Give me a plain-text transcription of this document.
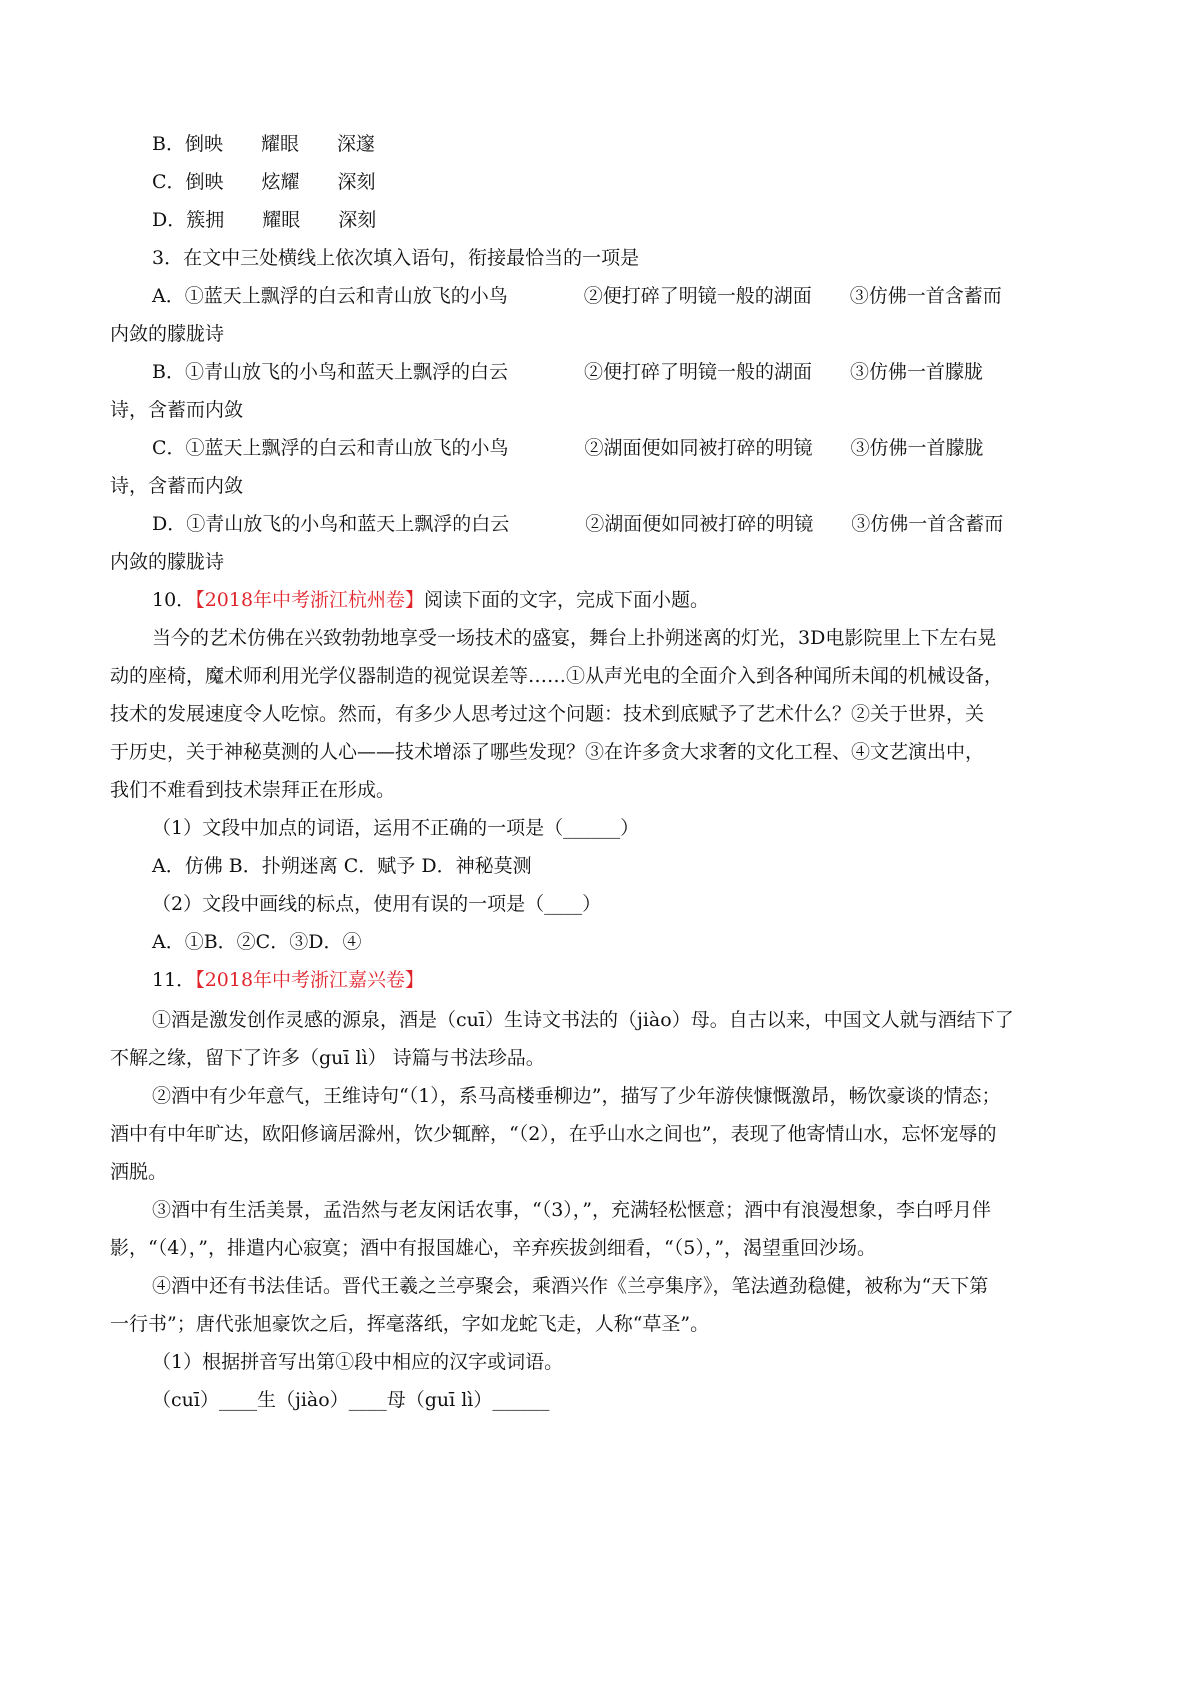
B．倒映　　耀眼　　深邃

C．倒映　　炫耀　　深刻

D．簇拥　　耀眼　　深刻

3．在文中三处横线上依次填入语句，衔接最恰当的一项是

A．①蓝天上飘浮的白云和青山放飞的小鸟　　　　②便打碎了明镜一般的湖面　　③仿佛一首含蓄而

内敛的朦胧诗

B．①青山放飞的小鸟和蓝天上飘浮的白云　　　　②便打碎了明镜一般的湖面　　③仿佛一首朦胧

诗，含蓄而内敛

C．①蓝天上飘浮的白云和青山放飞的小鸟　　　　②湖面便如同被打碎的明镜　　③仿佛一首朦胧

诗，含蓄而内敛

D．①青山放飞的小鸟和蓝天上飘浮的白云　　　　②湖面便如同被打碎的明镜　　③仿佛一首含蓄而

内敛的朦胧诗

10．【2018年中考浙江杭州卷】阅读下面的文字，完成下面小题。

当今的艺术仿佛在兴致勃勃地享受一场技术的盛宴，舞台上扑朔迷离的灯光，3D电影院里上下左右晃

动的座椅，魔术师利用光学仪器制造的视觉误差等……①从声光电的全面介入到各种闻所未闻的机械设备，

技术的发展速度令人吃惊。然而，有多少人思考过这个问题：技术到底赋予了艺术什么？②关于世界，关

于历史，关于神秘莫测的人心——技术增添了哪些发现？③在许多贪大求奢的文化工程、④文艺演出中，

我们不难看到技术崇拜正在形成。

（1）文段中加点的词语，运用不正确的一项是（______）

A．仿佛 B．扑朔迷离 C．赋予 D．神秘莫测

（2）文段中画线的标点，使用有误的一项是（____）

A．①B．②C．③D．④

11．【2018年中考浙江嘉兴卷】

①酒是激发创作灵感的源泉，酒是（cuī）生诗文书法的（jiào）母。自古以来，中国文人就与酒结下了

不解之缘，留下了许多（guī lì） 诗篇与书法珍品。

②酒中有少年意气，王维诗句“（1），系马高楼垂柳边”，描写了少年游侠慷慨激昂，畅饮豪谈的情态；

酒中有中年旷达，欧阳修谪居滁州，饮少辄醉，“（2），在乎山水之间也”，表现了他寄情山水，忘怀宠辱的

洒脱。

③酒中有生活美景，孟浩然与老友闲话农事，“（3），”，充满轻松惬意；酒中有浪漫想象，李白呼月伴

影，“（4），”，排遣内心寂寞；酒中有报国雄心，辛弃疾拔剑细看，“（5），”，渴望重回沙场。

④酒中还有书法佳话。晋代王羲之兰亭聚会，乘酒兴作《兰亭集序》，笔法遒劲稳健，被称为“天下第

一行书”；唐代张旭豪饮之后，挥毫落纸，字如龙蛇飞走，人称“草圣”。

（1）根据拼音写出第①段中相应的汉字或词语。

（cuī）____生（jiào）____母（guī lì）______
